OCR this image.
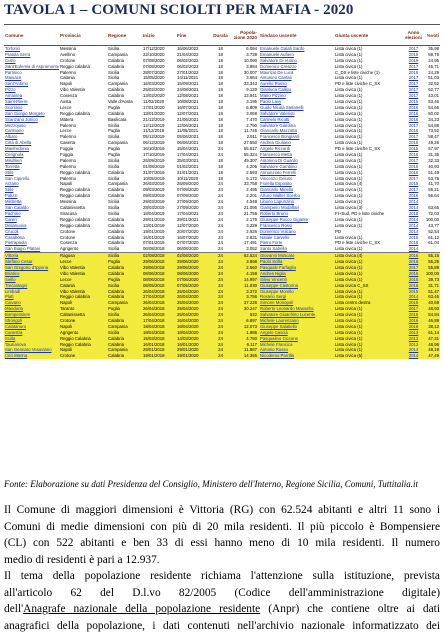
TAVOLA 1 – COMUNI SCIOLTI PER MAFIA - 2020
Comune	Provincia	Regione	Inizio	Fine	Durata	Popola-zione 2020 Sindaco uscente	Giunta uscente	Anno elezioni	%voti
Tortorici	Messina	Sicilia	17/12/2020	16/06/2022	18	6.094 Emanuele Galati Sardo	Lista civica (1)	2017	35,98
Pratola Serra	Avellino	Campania	22/10/2020	21/04/2022	18	3.739 Emanuele Aufiero	Lista civica (1)	2019	59,76
Cutro	Crotone	Calabria	07/08/2020	06/02/2022	18	10.090 Salvatore Di Vuono	Lista civica (1)	2019	24,95
Sant'Eufemia di Aspromonte Reggio calabria	Calabria	07/08/2020	06/02/2022	18	3.884 Domenico Creazzo	Lista civica (1)	2017	45,71
Partinico	Palermo	Sicilia	28/07/2020	27/01/2022	18	30.007 Maurizio De Luca	C_DX e liste civiche (1)	2018	24,29
Maniace	Catania	Sicilia	15/05/2020	14/11/2021	18	3.664 Antonino Cantali	Lista civica (1)	2017	51,03
Sant'Antimo	Napoli	Campania	16/03/2020	15/09/2021	18	33.343 Aurelio Russo	PD e liste civiche C_SX	2017	32,52
Pizzo	Vibo Valentia	Calabria	25/02/2020	24/08/2021	18	9.120 Gianluca Callipo	Lista civica (1)	2017	62,77
Amantea	Cosenza	Calabria	13/02/2020	12/08/2021	18	13.941 Mario Pizzino	Lista civica (1)	2017	43,01
Saint-Pierre	Aosta	Valle d'Aosta	11/02/2020	10/08/2021	18	3.195 Paolo Lavy	Lista civica (1)	2015	53,46
Scorrano	Lecce	Puglia	17/01/2020	16/07/2021	18	6.809 Guido Nicola Stefanelli	Lista civica (1)	2016	54,66
San Giorgio Morgeto	Reggio calabria	Calabria	13/01/2020	12/07/2021	18	3.058 Salvatore Valerioti	Lista civica (1)	2016	50,02
Scanzano Jonico	Matera	Basilicata	21/12/2019	21/06/2021	18	7.470 Carmelo Ricotti	Lista civica (1)	2016	34,23
Mezzojuso	Palermo	Sicilia	12/12/2019	12/06/2021	18	2.790 Salvatore Giardina	Lista civica (1)	2017	54,88
Carmiano	Lecce	Puglia	11/12/2019	11/06/2021	18	11.746 Giancarlo Mazzotta	Lista civica (1)	2016	73,52
Albaro	Palermo	Sicilia	05/12/2019	05/06/2021	18	2.911 Francesco Bongiardi	Lista civica (1)	2017	58,47
Città di Abella	Caserta	Campania	06/12/2019	06/06/2021	18	27.550 Andrea Giuliano	Lista civica (1)	2016	49,26
Manfredonia	Foggia	Puglia	16/10/2019	15/04/2021	24	55.517 Angelo Riccardi	PD e liste civiche C_SX	2015	57,97
Cerignola	Foggia	Puglia	17/10/2019	17/04/2021	24	55.324 Francesco Metta	Lista civica (1)	2016	31,35
Misilmeri	Palermo	Sicilia	26/09/2019	25/03/2021	18	49.307 Antonino Di Guardo	Lista civica (1)	2017	32,33
Torretta	Palermo	Sicilia	01/08/2019	01/02/2021	18	4.205 Salvatore Gambino	Lista civica (1)	2016	40,93
Stilo	Reggio calabria	Calabria	31/07/2019	31/01/2021	18	2.593 Annunziato Ferrelli	Lista civica (1)	2016	51,49
San Cipirello	Palermo	Sicilia	10/05/2019	10/11/2020	18	5.172 Vincenzo Geluso	Lista civica (1)	2017	53,75
Arzano	Napoli	Campania	26/03/2019	26/09/2020	24	33.758 Fiorella Esposito	Lista civica (4)	2015	41,70
Stilo	Reggio calabria	Calabria	09/03/2019	07/09/2020	24	2.495 Giancarlo Miriello	Lista civica (1)	2017	55,21
Palizzi	Reggio calabria	Calabria	09/03/2019	07/09/2020	24	2.201 Arturo Walter Scerbo	Lista civica (1)	2016	56,64
Mistretta	Messina	Sicilia	29/03/2019	27/09/2020	24	4.548 Liborio Lapunzina	Lista civica (1)	2014
San Cataldo	Caltanissetta	Sicilia	28/03/2019	27/09/2020	24	21.095 Giampiero Modaffari	Lista civica (3)	2014	63,65
Pachino	Siracusa	Sicilia	18/04/2019	17/04/2021	24	21.759 Roberto Bruno	FI+Sud, PD e liste civiche	2018	72,03
Careri	Reggio calabria	Calabria	29/01/2019	29/01/2021	24	2.176 Giuseppe Rocco Gigante	Lista civica (1)	2014	100,00
Delianuova	Reggio calabria	Calabria	13/01/2019	12/07/2020	24	3.229 Francesco Rossi	Lista civica (1)	2014	43,77
Crucoli	Crotone	Calabria	19/01/2019	20/07/2020	24	2.926 Domenico Vulcano	PD	2014	52,54
Casabona	Crotone	Calabria	16/01/2019	16/07/2020	24	2.831 Natale Carvello	Lista civica (1)	2015	61,12
Pietrapaola	Cosenza	Calabria	07/01/2019	07/07/2020	24	17.491 Pietro Forte	PD e liste civiche C_SX	2018	61,04
San Biagio Platani	Agrigento	Sicilia	06/08/2018	06/08/2020	24	3.052 Santo Sabella	Lista civica (1)	2014
Vittoria	Ragusa	Sicilia	02/08/2018	02/08/2020	24	62.524 Giovanni Moscato	Lista civica (4)	2016	55,16
Stefano Cesar	Lecce	Puglia	29/06/2018	29/06/2020	24	3.868 Paolo Scilla	Lista civica (1)	2016	55,25
San Gregorio d'Ippona	Vibo Valentia	Calabria	29/06/2018	29/06/2020	24	2.560 Pasquale Farfaglia	Lista civica (1)	2017	55,89
Briatico	Vibo Valentia	Calabria	08/06/2018	08/06/2020	24	4.159 Andrea Niglia	Lista civica (1)	2016	100,00
Siello	Lecce	Puglia	08/06/2018	07/06/2020	24	14.997 Silvio Vincenti	Lista civica (1)	2015	39,73
Trecastagni	Catania	Sicilia	08/05/2018	07/05/2020	24	11.030 Giuseppe Castorina	Lista civica C_SX	2016	31,71
Limbadi	Vibo Valentia	Calabria	26/04/2018	25/04/2020	24	3.372 Giuseppe Morello	Lista civica (1)	2015	51,47
Platì	Reggio calabria	Calabria	27/04/2018	26/04/2020	24	3.756 Rosario Sergi	Lista civica (1)	2014	63,46
Caivano	Napoli	Campania	26/04/2018	25/04/2020	24	37.226 Simone Monopoli	Lista centro destra	2015	40,69
Manduria	Taranto	Puglia	26/04/2018	25/04/2020	24	30.247 Roberto Leonardo Massafra	Lista civica (1)	2017	48,93
Bompensiere	Caltanissetta	Sicilia	26/04/2018	25/04/2020	24	522 Salvatore Gioachino Lucente	Lista civica (1)	2015	54,94
Strongoli	Crotone	Calabria	17/04/2018	16/04/2020	24	6.897 Michele Laurenzano	Lista civica (1)	2016	46,89
Calatanuro	Napoli	Campania	18/04/2018	18/04/2020	24	12.073 Giuseppe Salatiello	Lista civica (1)	2018	38,12
Canestra	Agrigento	Sicilia	18/04/2018	18/04/2020	24	1.986 Angelo Cascià	Lista civica (1)	2013	61,14
Scilla	Reggio Calabria	Calabria	15/03/2018	14/03/2020	24	4.750 Pasqualino Ciccone	Lista civica (1)	2013	47,31
Taurianova	Reggio Calabria	Calabria	16/01/2018	16/01/2020	24	6.117 Michele Francica	Lista civica (1)	2013	48,95
San Gennaro Vesuviano	Napoli	Campania	29/01/2018	29/01/2020	24	11.887 Antonio Russo	Lista civica (1)	2014	48,19
Ciró Marina	Crotone	Calabria	19/01/2018	19/01/2020	24	14.365 Nicodemo Parrilla	Lista civica (5)	2014	47,49
Fonte: Elaborazione su dati Presidenza del Consiglio, Ministero dell'Interno, Regione Sicilia, Comuni, Tuttitalia.it
Il Comune di maggiori dimensioni è Vittoria (RG) con 62.524 abitanti e altri 11 sono i
Comuni di medie dimensioni con più di 20 mila residenti. Il più piccolo è Bompensiere
(CL) con 522 abitanti e ben 33 di essi hanno meno di 10 mila residenti. Il numero
medio di residenti è pari a 12.937.
Il tema della popolazione residente richiama l'attenzione sulla istituzione, prevista
all'articolo 62 del D.l.vo 82/2005 (Codice dell'amministrazione digitale)
dell'Anagrafe nazionale della popolazione residente (Anpr) che contiene oltre ai dati
anagrafici della popolazione, i dati contenuti nell'archivio nazionale informatizzato dei
